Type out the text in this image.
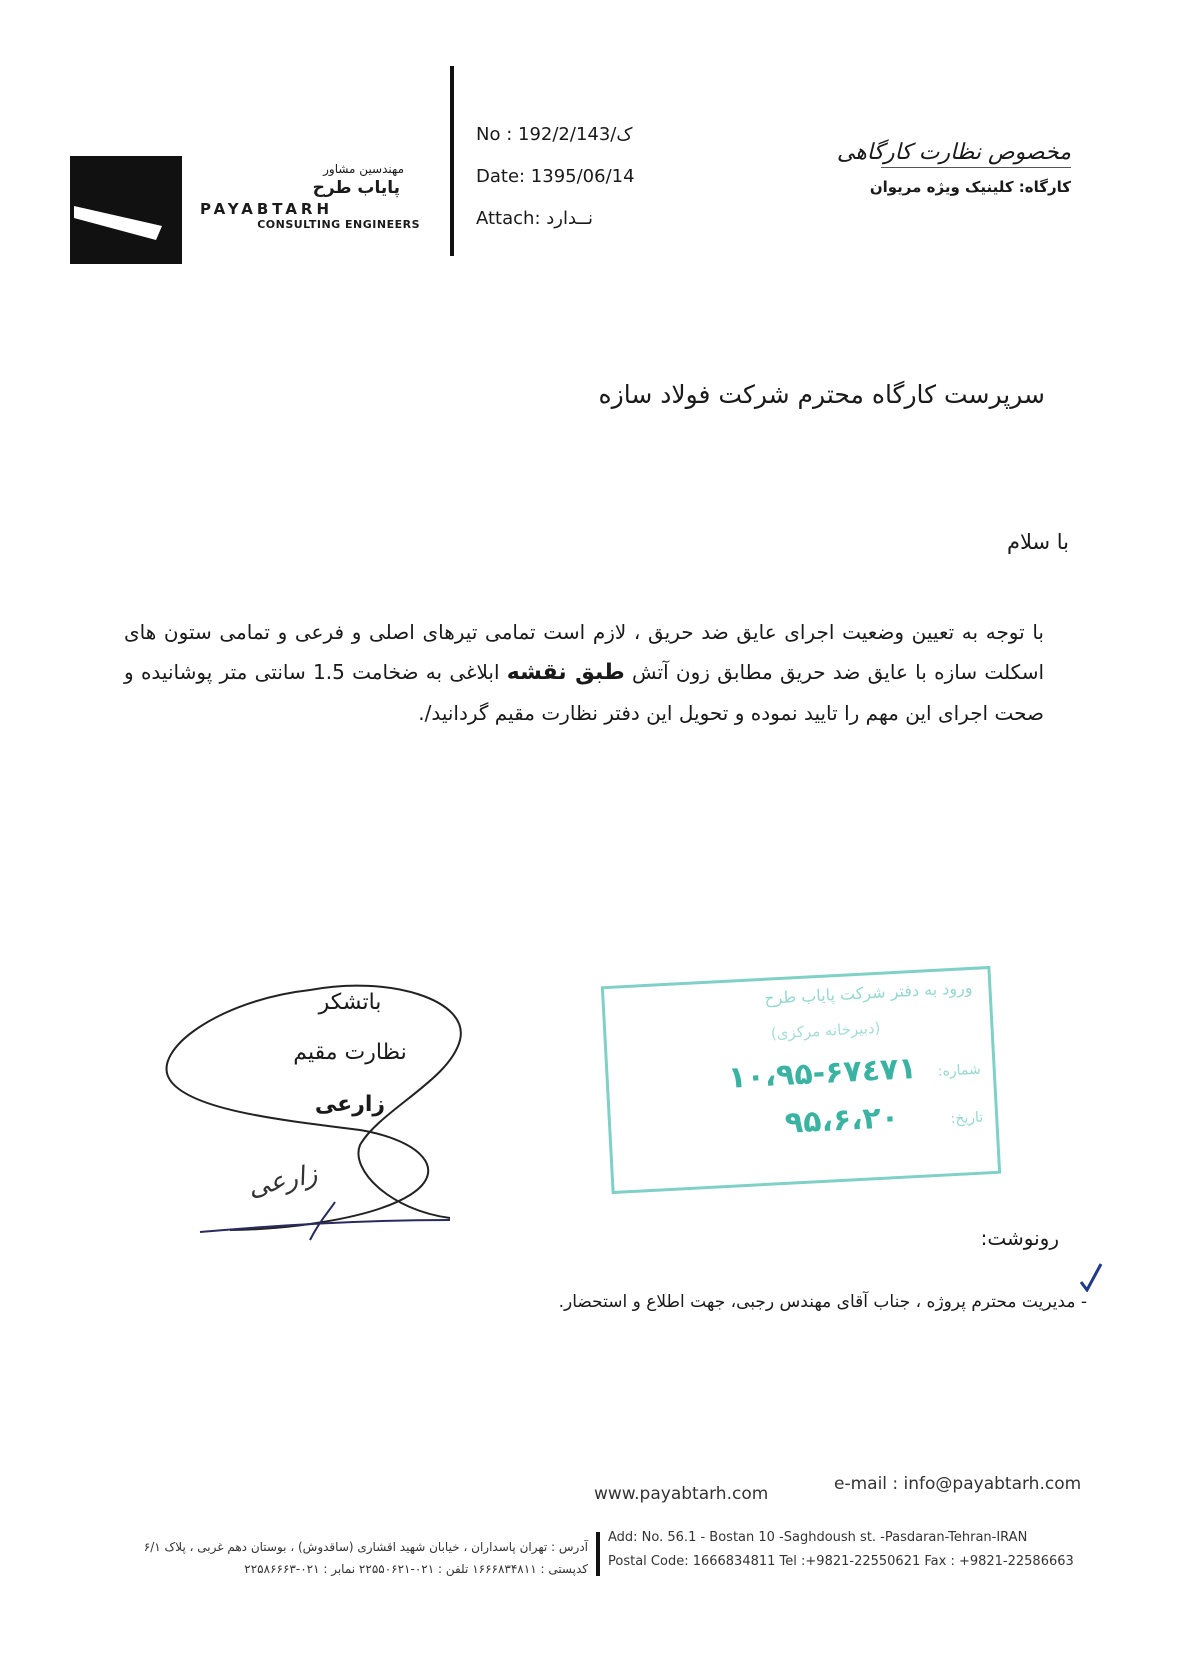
مهندسین مشاور
پایاب طرح
PAYABTARH
CONSULTING ENGINEERS
No : 192/2/ک/143
Date: 1395/06/14
Attach: نــدارد
مخصوص نظارت کارگاهی
کارگاه: کلینیک ویژه مریوان
سرپرست کارگاه محترم شرکت فولاد سازه
با سلام
با توجه به تعیین وضعیت اجرای عایق ضد حریق ، لازم است تمامی تیرهای اصلی و فرعی و تمامی ستون های اسکلت سازه با عایق ضد حریق مطابق زون آتش طبق نقشه ابلاغی به ضخامت 1.5 سانتی متر پوشانیده و صحت اجرای این مهم را تایید نموده و تحویل این دفتر نظارت مقیم گردانید/.
باتشکر
نظارت مقیم
زارعی
زارعی
ورود به دفتر شرکت پایاب طرح
(دبیرخانه مرکزی)
شماره:
۱۰،۹۵-۶۷٤۷۱
تاریخ:
۹۵،۶،۲۰
رونوشت:
- مدیریت محترم پروژه ، جناب آقای مهندس رجبی، جهت اطلاع و استحضار.
www.payabtarh.com	e-mail : info@payabtarh.com
آدرس : تهران پاسداران ، خیابان شهید اقشاری (ساقدوش) ، بوستان دهم غربی ، پلاک ۶/۱
کدپستی : ۱۶۶۶۸۳۴۸۱۱ تلفن : ۰۲۱-۲۲۵۵۰۶۲۱ نمابر : ۰۲۱-۲۲۵۸۶۶۶۳
Add: No. 56.1 - Bostan 10 -Saghdoush st. -Pasdaran-Tehran-IRAN
Postal Code: 1666834811 Tel :+9821-22550621 Fax : +9821-22586663
